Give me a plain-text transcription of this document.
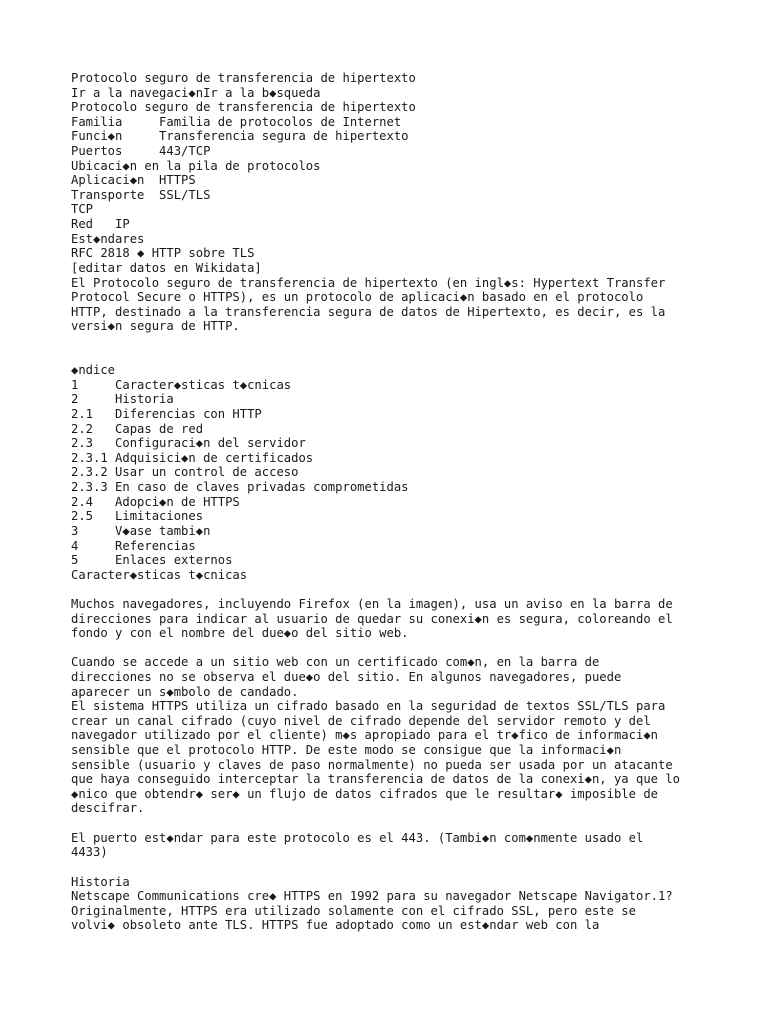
Protocolo seguro de transferencia de hipertexto
Ir a la navegaci◆nIr a la b◆squeda
Protocolo seguro de transferencia de hipertexto
Familia     Familia de protocolos de Internet
Funci◆n     Transferencia segura de hipertexto
Puertos     443/TCP
Ubicaci◆n en la pila de protocolos
Aplicaci◆n  HTTPS
Transporte  SSL/TLS
TCP
Red   IP
Est◆ndares
RFC 2818 ◆ HTTP sobre TLS
[editar datos en Wikidata]
El Protocolo seguro de transferencia de hipertexto (en ingl◆s: Hypertext Transfer
Protocol Secure o HTTPS), es un protocolo de aplicaci◆n basado en el protocolo
HTTP, destinado a la transferencia segura de datos de Hipertexto, es decir, es la
versi◆n segura de HTTP.

◆ndice
1     Caracter◆sticas t◆cnicas
2     Historia
2.1   Diferencias con HTTP
2.2   Capas de red
2.3   Configuraci◆n del servidor
2.3.1 Adquisici◆n de certificados
2.3.2 Usar un control de acceso
2.3.3 En caso de claves privadas comprometidas
2.4   Adopci◆n de HTTPS
2.5   Limitaciones
3     V◆ase tambi◆n
4     Referencias
5     Enlaces externos
Caracter◆sticas t◆cnicas

Muchos navegadores, incluyendo Firefox (en la imagen), usa un aviso en la barra de
direcciones para indicar al usuario de quedar su conexi◆n es segura, coloreando el
fondo y con el nombre del due◆o del sitio web.

Cuando se accede a un sitio web con un certificado com◆n, en la barra de
direcciones no se observa el due◆o del sitio. En algunos navegadores, puede
aparecer un s◆mbolo de candado.
El sistema HTTPS utiliza un cifrado basado en la seguridad de textos SSL/TLS para
crear un canal cifrado (cuyo nivel de cifrado depende del servidor remoto y del
navegador utilizado por el cliente) m◆s apropiado para el tr◆fico de informaci◆n
sensible que el protocolo HTTP. De este modo se consigue que la informaci◆n
sensible (usuario y claves de paso normalmente) no pueda ser usada por un atacante
que haya conseguido interceptar la transferencia de datos de la conexi◆n, ya que lo
◆nico que obtendr◆ ser◆ un flujo de datos cifrados que le resultar◆ imposible de
descifrar.

El puerto est◆ndar para este protocolo es el 443. (Tambi◆n com◆nmente usado el
4433)

Historia
Netscape Communications cre◆ HTTPS en 1992 para su navegador Netscape Navigator.1?
Originalmente, HTTPS era utilizado solamente con el cifrado SSL, pero este se
volvi◆ obsoleto ante TLS. HTTPS fue adoptado como un est◆ndar web con la
